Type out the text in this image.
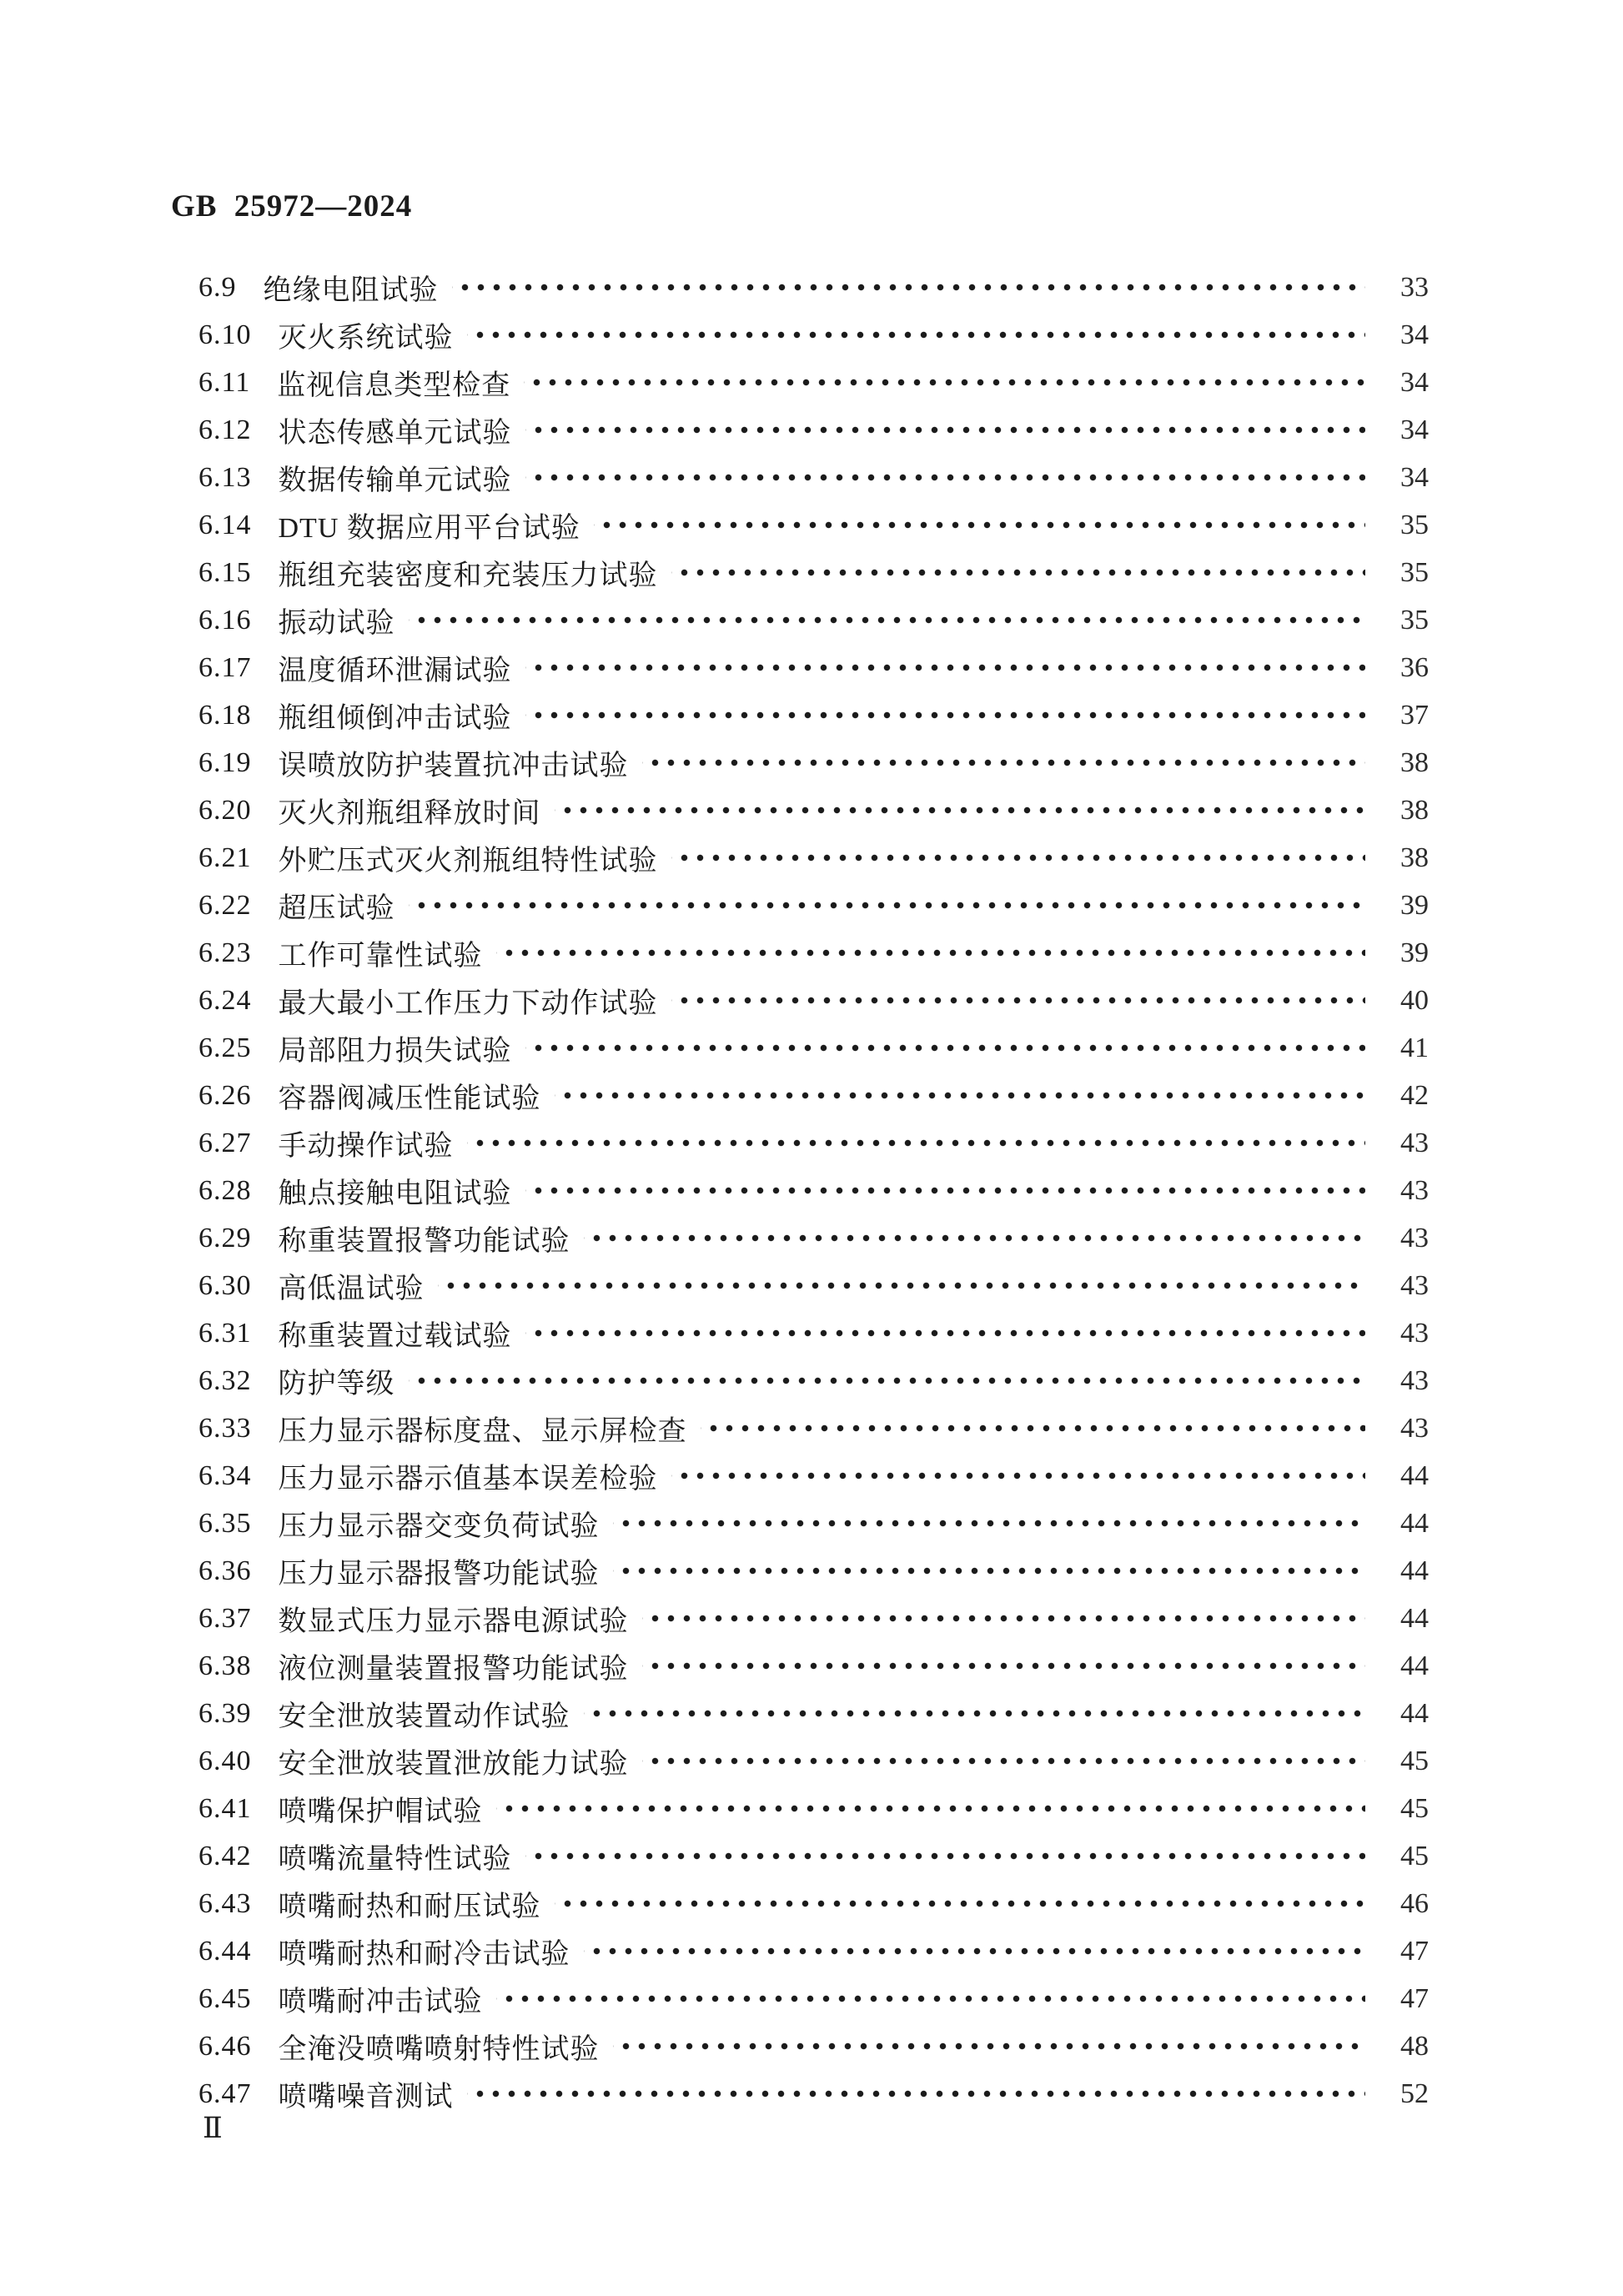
GB 25972—2024
6.9 绝缘电阻试验	33
6.10 灭火系统试验	34
6.11 监视信息类型检查	34
6.12 状态传感单元试验	34
6.13 数据传输单元试验	34
6.14 DTU 数据应用平台试验	35
6.15 瓶组充装密度和充装压力试验	35
6.16 振动试验	35
6.17 温度循环泄漏试验	36
6.18 瓶组倾倒冲击试验	37
6.19 误喷放防护装置抗冲击试验	38
6.20 灭火剂瓶组释放时间	38
6.21 外贮压式灭火剂瓶组特性试验	38
6.22 超压试验	39
6.23 工作可靠性试验	39
6.24 最大最小工作压力下动作试验	40
6.25 局部阻力损失试验	41
6.26 容器阀减压性能试验	42
6.27 手动操作试验	43
6.28 触点接触电阻试验	43
6.29 称重装置报警功能试验	43
6.30 高低温试验	43
6.31 称重装置过载试验	43
6.32 防护等级	43
6.33 压力显示器标度盘、显示屏检查	43
6.34 压力显示器示值基本误差检验	44
6.35 压力显示器交变负荷试验	44
6.36 压力显示器报警功能试验	44
6.37 数显式压力显示器电源试验	44
6.38 液位测量装置报警功能试验	44
6.39 安全泄放装置动作试验	44
6.40 安全泄放装置泄放能力试验	45
6.41 喷嘴保护帽试验	45
6.42 喷嘴流量特性试验	45
6.43 喷嘴耐热和耐压试验	46
6.44 喷嘴耐热和耐冷击试验	47
6.45 喷嘴耐冲击试验	47
6.46 全淹没喷嘴喷射特性试验	48
6.47 喷嘴噪音测试	52
Ⅱ
